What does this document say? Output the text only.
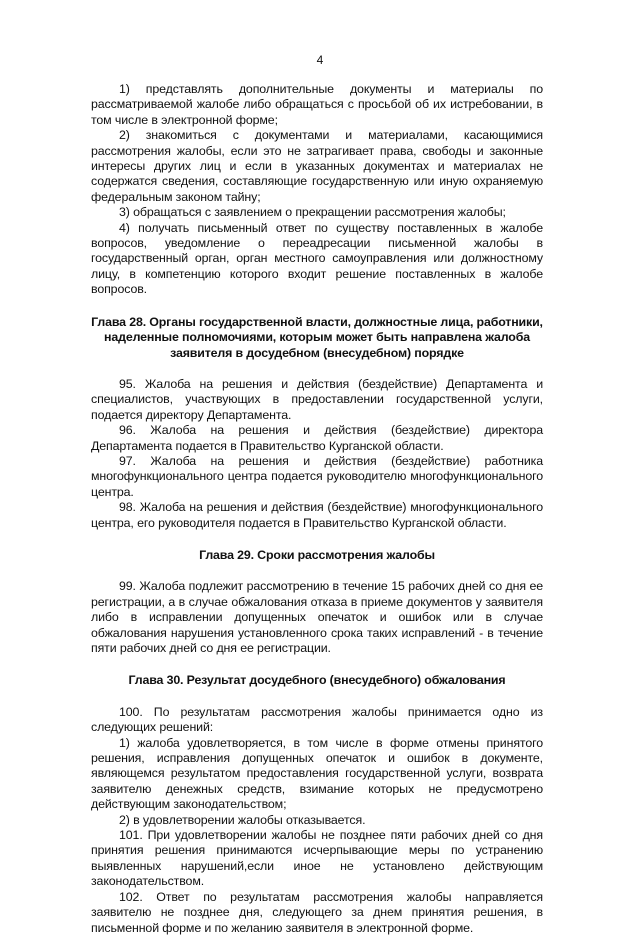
4

1) представлять дополнительные документы и материалы по рассматриваемой жалобе либо обращаться с просьбой об их истребовании, в том числе в электронной форме;

2) знакомиться с документами и материалами, касающимися рассмотрения жалобы, если это не затрагивает права, свободы и законные интересы других лиц и если в указанных документах и материалах не содержатся сведения, составляющие государственную или иную охраняемую федеральным законом тайну;

3) обращаться с заявлением о прекращении рассмотрения жалобы;

4) получать письменный ответ по существу поставленных в жалобе вопросов, уведомление о переадресации письменной жалобы в государственный орган, орган местного самоуправления или должностному лицу, в компетенцию которого входит решение поставленных в жалобе вопросов.

Глава 28. Органы государственной власти, должностные лица, работники, наделенные полномочиями, которым может быть направлена жалоба заявителя в досудебном (внесудебном) порядке

95. Жалоба на решения и действия (бездействие) Департамента и специалистов, участвующих в предоставлении государственной услуги, подается директору Департамента.

96. Жалоба на решения и действия (бездействие) директора Департамента подается в Правительство Курганской области.

97. Жалоба на решения и действия (бездействие) работника многофункционального центра подается руководителю многофункционального центра.

98. Жалоба на решения и действия (бездействие) многофункционального центра, его руководителя подается в Правительство Курганской области.

Глава 29. Сроки рассмотрения жалобы

99. Жалоба подлежит рассмотрению в течение 15 рабочих дней со дня ее регистрации, а в случае обжалования отказа в приеме документов у заявителя либо в исправлении допущенных опечаток и ошибок или в случае обжалования нарушения установленного срока таких исправлений - в течение пяти рабочих дней со дня ее регистрации.

Глава 30. Результат досудебного (внесудебного) обжалования

100. По результатам рассмотрения жалобы принимается одно из следующих решений:

1) жалоба удовлетворяется, в том числе в форме отмены принятого решения, исправления допущенных опечаток и ошибок в документе, являющемся результатом предоставления государственной услуги, возврата заявителю денежных средств, взимание которых не предусмотрено действующим законодательством;

2) в удовлетворении жалобы отказывается.

101. При удовлетворении жалобы не позднее пяти рабочих дней со дня принятия решения принимаются исчерпывающие меры по устранению выявленных нарушений,если иное не установлено действующим законодательством.

102. Ответ по результатам рассмотрения жалобы направляется заявителю не позднее дня, следующего за днем принятия решения, в письменной форме и по желанию заявителя в электронной форме.
